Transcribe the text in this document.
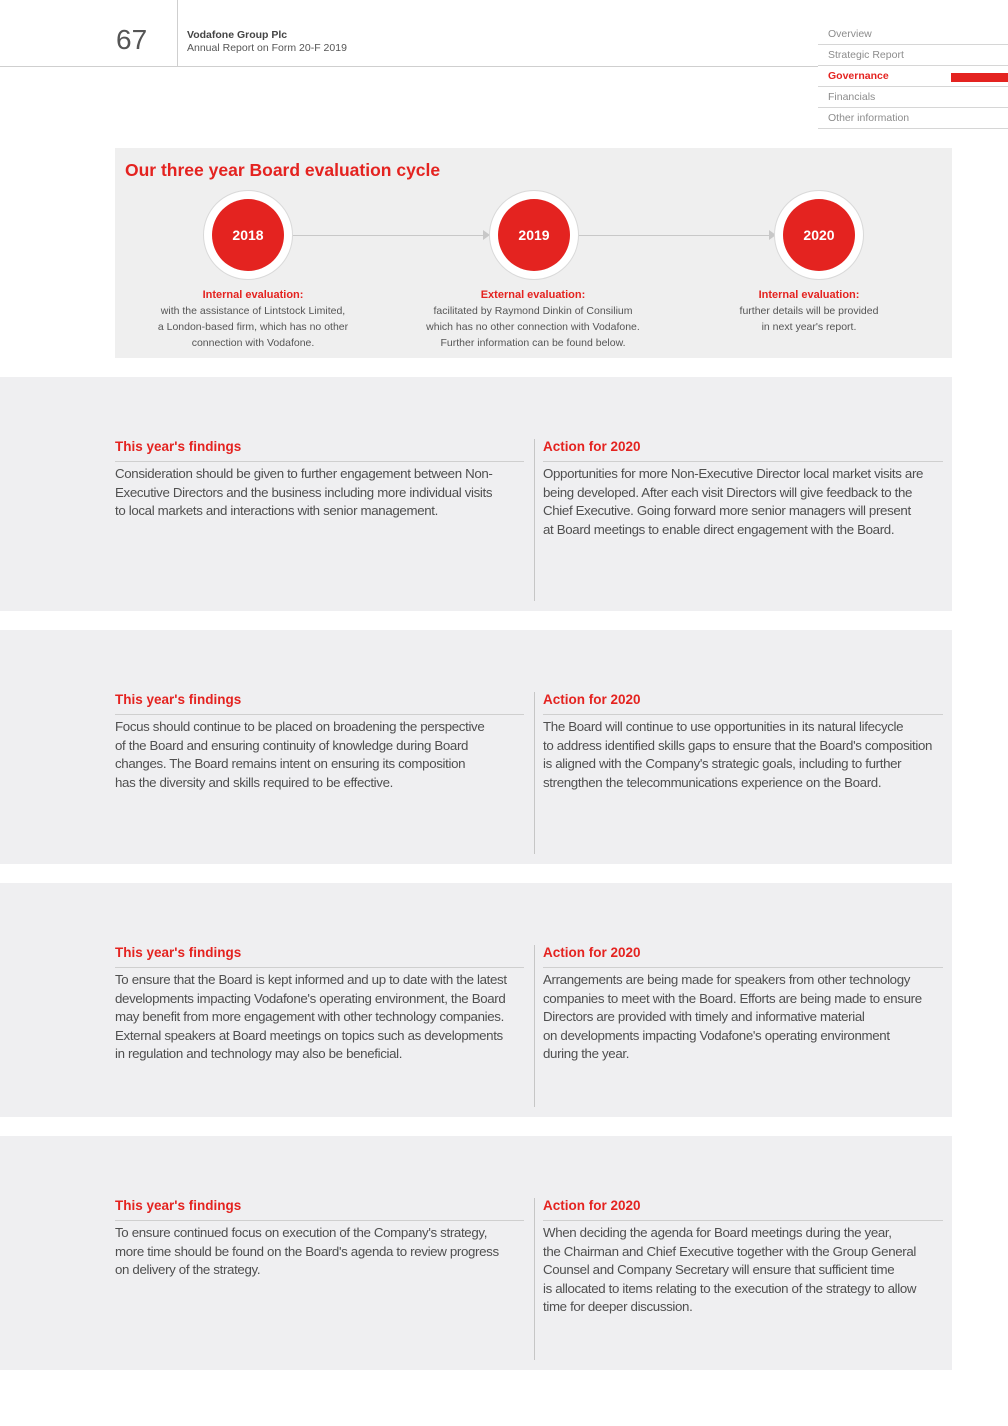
67	Vodafone Group Plc
Annual Report on Form 20-F 2019
Overview
Strategic Report
Governance
Financials
Other information
Our three year Board evaluation cycle
2018	2019	2020
Internal evaluation:
with the assistance of Lintstock Limited,
a London-based firm, which has no other
connection with Vodafone.
External evaluation:
facilitated by Raymond Dinkin of Consilium
which has no other connection with Vodafone.
Further information can be found below.
Internal evaluation:
further details will be provided
in next year's report.
This year's findings
Consideration should be given to further engagement between Non-
Executive Directors and the business including more individual visits
to local markets and interactions with senior management.
Action for 2020
Opportunities for more Non-Executive Director local market visits are
being developed. After each visit Directors will give feedback to the
Chief Executive. Going forward more senior managers will present
at Board meetings to enable direct engagement with the Board.
This year's findings
Focus should continue to be placed on broadening the perspective
of the Board and ensuring continuity of knowledge during Board
changes. The Board remains intent on ensuring its composition
has the diversity and skills required to be effective.
Action for 2020
The Board will continue to use opportunities in its natural lifecycle
to address identified skills gaps to ensure that the Board's composition
is aligned with the Company's strategic goals, including to further
strengthen the telecommunications experience on the Board.
This year's findings
To ensure that the Board is kept informed and up to date with the latest
developments impacting Vodafone's operating environment, the Board
may benefit from more engagement with other technology companies.
External speakers at Board meetings on topics such as developments
in regulation and technology may also be beneficial.
Action for 2020
Arrangements are being made for speakers from other technology
companies to meet with the Board. Efforts are being made to ensure
Directors are provided with timely and informative material
on developments impacting Vodafone's operating environment
during the year.
This year's findings
To ensure continued focus on execution of the Company's strategy,
more time should be found on the Board's agenda to review progress
on delivery of the strategy.
Action for 2020
When deciding the agenda for Board meetings during the year,
the Chairman and Chief Executive together with the Group General
Counsel and Company Secretary will ensure that sufficient time
is allocated to items relating to the execution of the strategy to allow
time for deeper discussion.
